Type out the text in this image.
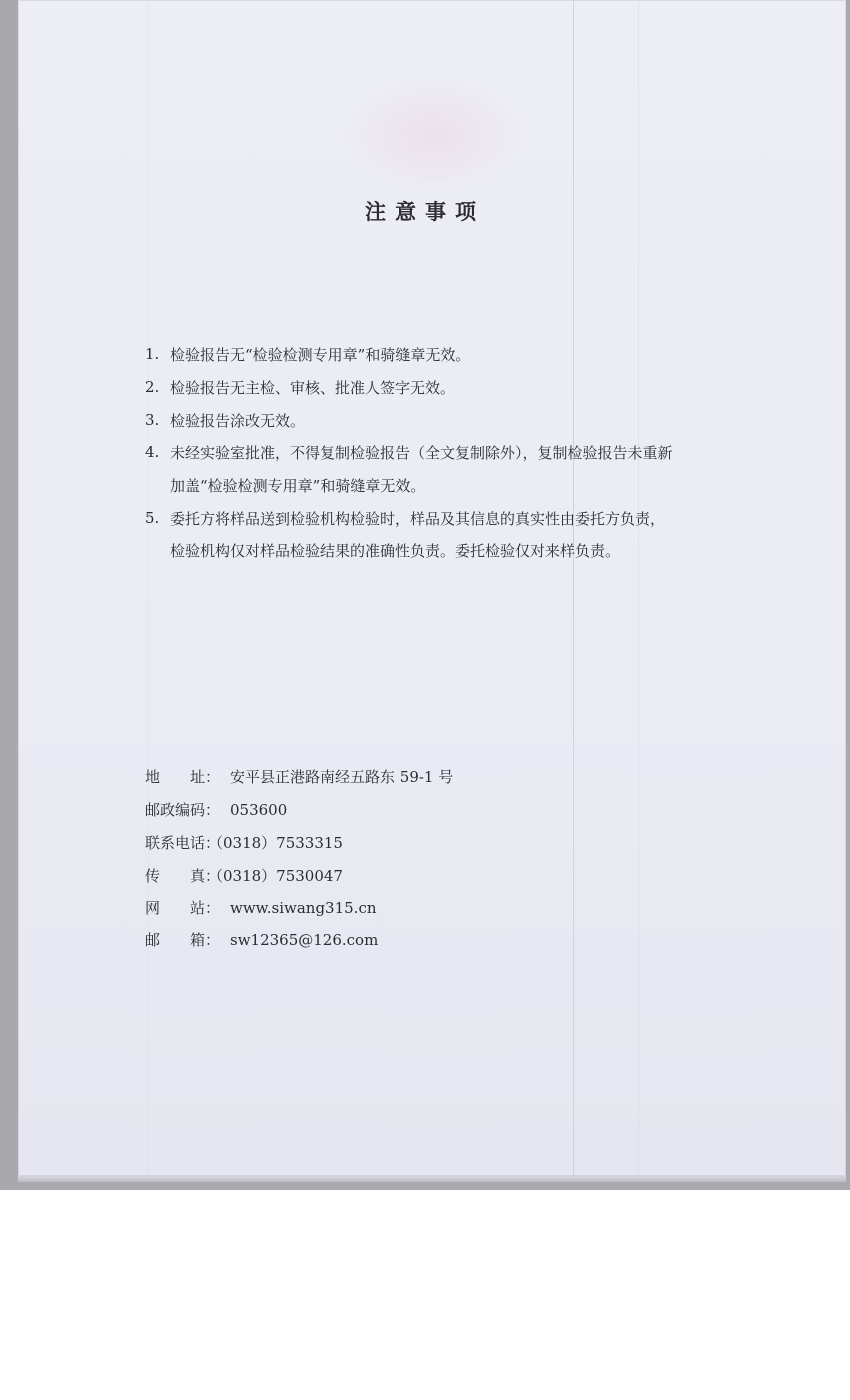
注意事项
1. 检验报告无“检验检测专用章”和骑缝章无效。
2. 检验报告无主检、审核、批准人签字无效。
3. 检验报告涂改无效。
4. 未经实验室批准，不得复制检验报告（全文复制除外），复制检验报告未重新
加盖“检验检测专用章”和骑缝章无效。
5. 委托方将样品送到检验机构检验时，样品及其信息的真实性由委托方负责，
检验机构仅对样品检验结果的准确性负责。委托检验仅对来样负责。
地　　址： 安平县正港路南经五路东 59-1 号
邮政编码： 053600
联系电话：
（0318）7533315
传　　真：
（0318）7530047
网　　站： www.siwang315.cn
邮　　箱： sw12365@126.com
